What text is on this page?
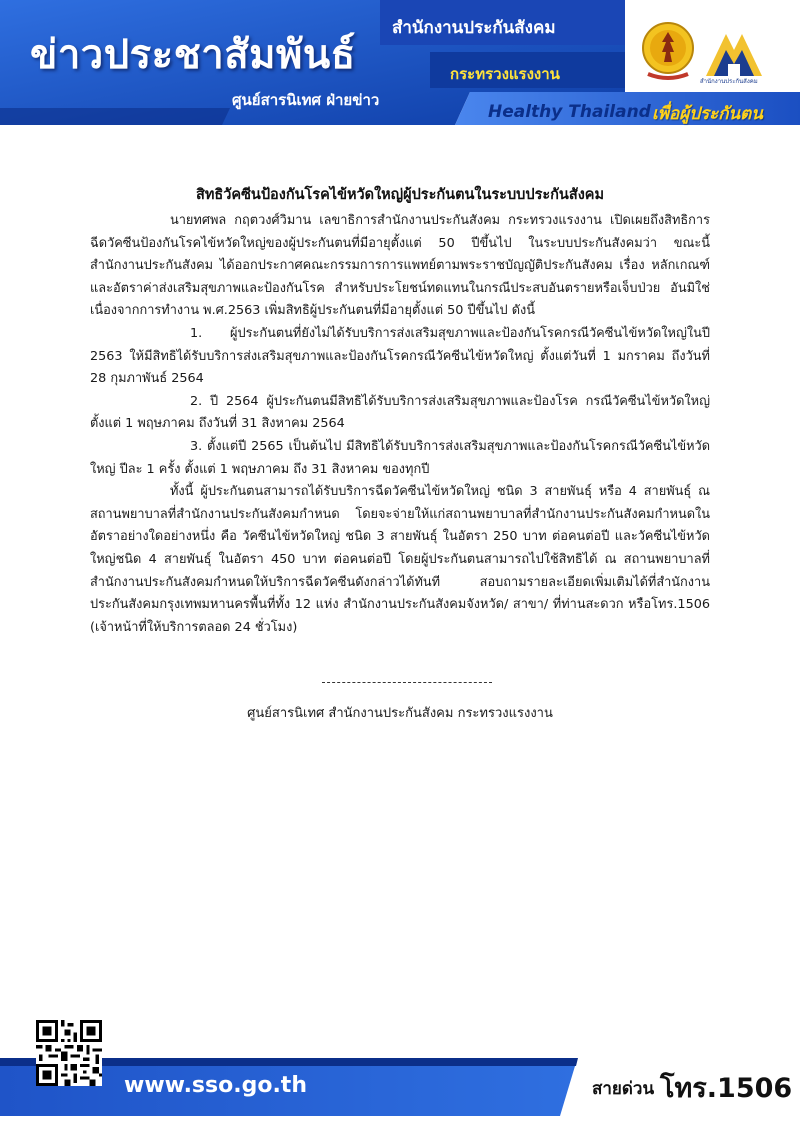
ข่าวประชาสัมพันธ์
ศูนย์สารนิเทศ ฝ่ายข่าว
สำนักงานประกันสังคม
กระทรวงแรงงาน
Healthy Thailand เพื่อผู้ประกันตน
สำนักงานประกันสังคม
สิทธิวัคซีนป้องกันโรคไข้หวัดใหญ่ผู้ประกันตนในระบบประกันสังคม

นายทศพล กฤตวงศ์วิมาน เลขาธิการสำนักงานประกันสังคม กระทรวงแรงงาน เปิดเผยถึงสิทธิการฉีดวัคซีนป้องกันโรคไข้หวัดใหญ่ของผู้ประกันตนที่มีอายุตั้งแต่ 50 ปีขึ้นไป ในระบบประกันสังคมว่า ขณะนี้สำนักงานประกันสังคม ได้ออกประกาศคณะกรรมการการแพทย์ตามพระราชบัญญัติประกันสังคม เรื่อง หลักเกณฑ์และอัตราค่าส่งเสริมสุขภาพและป้องกันโรค สำหรับประโยชน์ทดแทนในกรณีประสบอันตรายหรือเจ็บป่วย อันมิใช่เนื่องจากการทำงาน พ.ศ.2563 เพิ่มสิทธิผู้ประกันตนที่มีอายุตั้งแต่ 50 ปีขึ้นไป ดังนี้

1. ผู้ประกันตนที่ยังไม่ได้รับบริการส่งเสริมสุขภาพและป้องกันโรคกรณีวัคซีนไข้หวัดใหญ่ในปี 2563 ให้มีสิทธิได้รับบริการส่งเสริมสุขภาพและป้องกันโรคกรณีวัคซีนไข้หวัดใหญ่ ตั้งแต่วันที่ 1 มกราคม ถึงวันที่ 28 กุมภาพันธ์ 2564

2. ปี 2564 ผู้ประกันตนมีสิทธิได้รับบริการส่งเสริมสุขภาพและป้องโรค กรณีวัคซีนไข้หวัดใหญ่ ตั้งแต่ 1 พฤษภาคม ถึงวันที่ 31 สิงหาคม 2564

3. ตั้งแต่ปี 2565 เป็นต้นไป มีสิทธิได้รับบริการส่งเสริมสุขภาพและป้องกันโรคกรณีวัคซีนไข้หวัดใหญ่ ปีละ 1 ครั้ง ตั้งแต่ 1 พฤษภาคม ถึง 31 สิงหาคม ของทุกปี

ทั้งนี้ ผู้ประกันตนสามารถได้รับบริการฉีดวัคซีนไข้หวัดใหญ่ ชนิด 3 สายพันธุ์ หรือ 4 สายพันธุ์ ณ สถานพยาบาลที่สำนักงานประกันสังคมกำหนด โดยจะจ่ายให้แก่สถานพยาบาลที่สำนักงานประกันสังคมกำหนดในอัตราอย่างใดอย่างหนึ่ง คือ วัคซีนไข้หวัดใหญ่ ชนิด 3 สายพันธุ์ ในอัตรา 250 บาท ต่อคนต่อปี และวัคซีนไข้หวัดใหญ่ชนิด 4 สายพันธุ์ ในอัตรา 450 บาท ต่อคนต่อปี โดยผู้ประกันตนสามารถไปใช้สิทธิได้ ณ สถานพยาบาลที่สำนักงานประกันสังคมกำหนดให้บริการฉีดวัคซีนดังกล่าวได้ทันที สอบถามรายละเอียดเพิ่มเติมได้ที่สำนักงานประกันสังคมกรุงเทพมหานครพื้นที่ทั้ง 12 แห่ง สำนักงานประกันสังคมจังหวัด/ สาขา/ ที่ท่านสะดวก หรือโทร.1506 (เจ้าหน้าที่ให้บริการตลอด 24 ชั่วโมง)

ศูนย์สารนิเทศ สำนักงานประกันสังคม กระทรวงแรงงาน
www.sso.go.th	สายด่วน โทร.1506
